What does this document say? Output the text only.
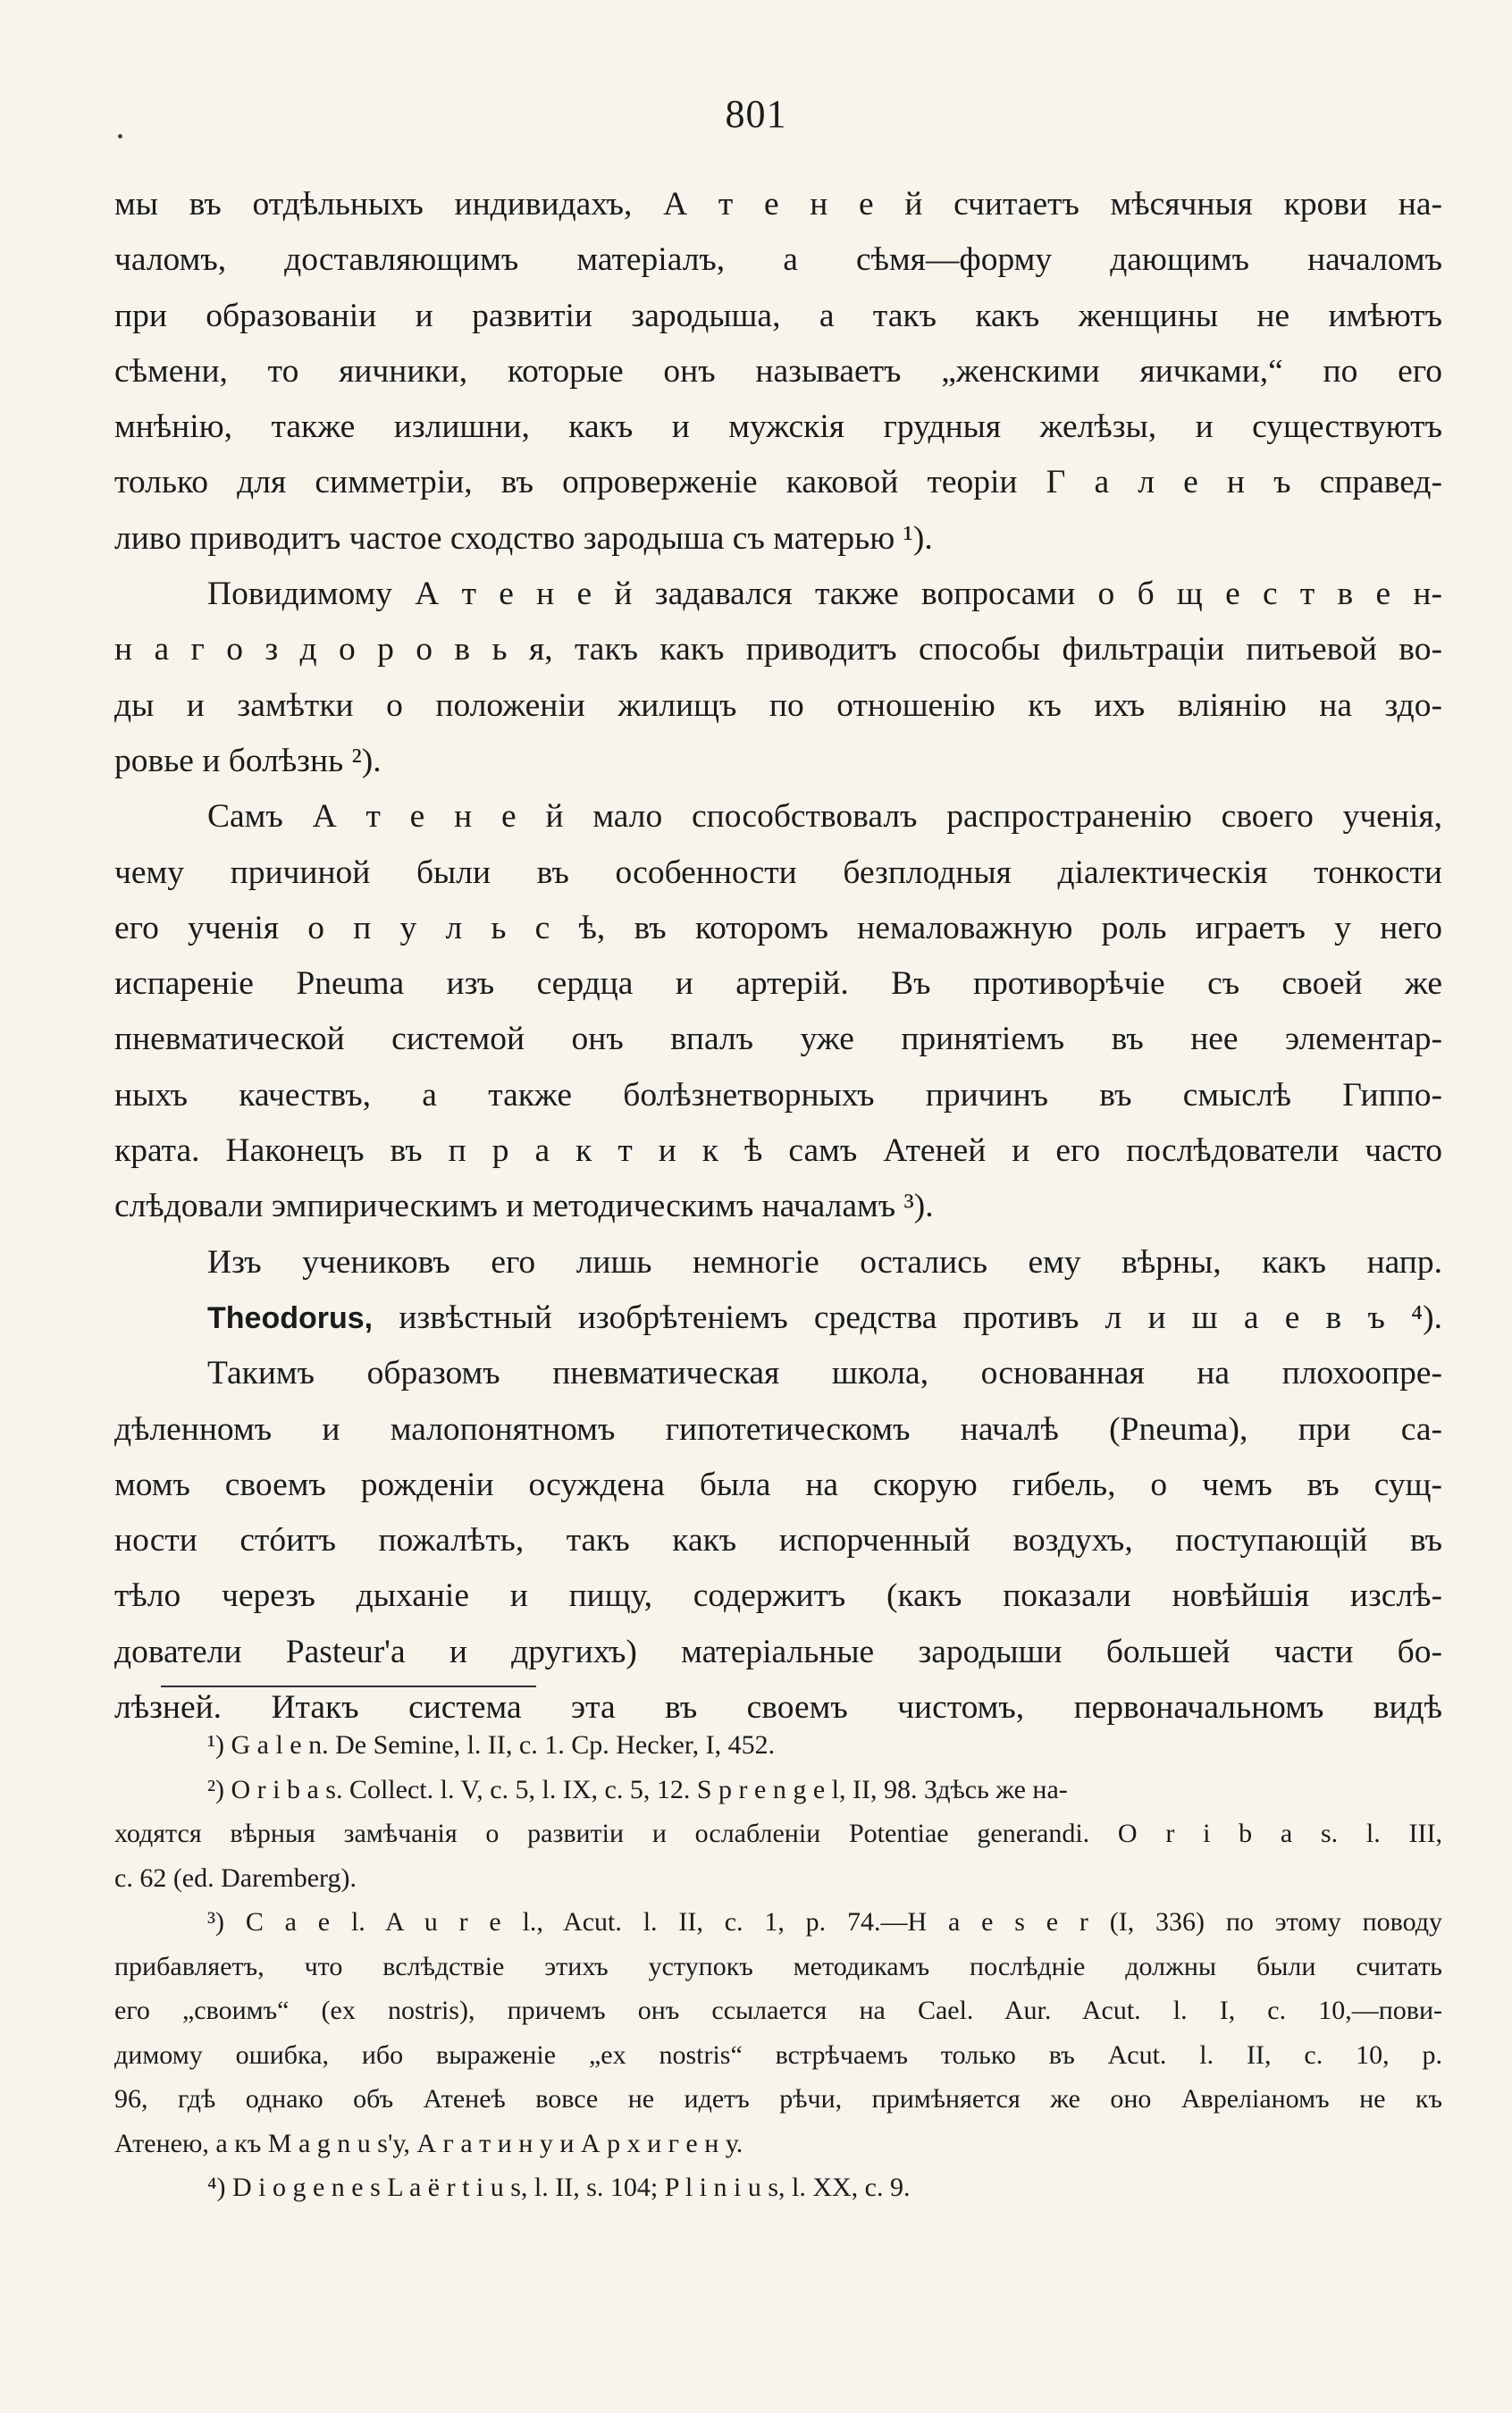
801

мы въ отдѣльныхъ индивидахъ, А т е н е й считаетъ мѣсячныя крови на-

чаломъ, доставляющимъ матеріалъ, а сѣмя—форму дающимъ началомъ

при образованіи и развитіи зародыша, а такъ какъ женщины не имѣютъ

сѣмени, то яичники, которые онъ называетъ „женскими яичками,“ по его

мнѣнію, также излишни, какъ и мужскія грудныя желѣзы, и существуютъ

только для симметріи, въ опроверженіе каковой теоріи Г а л е н ъ справед-

ливо приводитъ частое сходство зародыша съ матерью ¹).

Повидимому А т е н е й задавался также вопросами о б щ е с т в е н-

н а г о з д о р о в ь я, такъ какъ приводитъ способы фильтраціи питьевой во-

ды и замѣтки о положеніи жилищъ по отношенію къ ихъ вліянію на здо-

ровье и болѣзнь ²).

Самъ А т е н е й мало способствовалъ распространенію своего ученія,

чему причиной были въ особенности безплодныя діалектическія тонкости

его ученія о п у л ь с ѣ, въ которомъ немаловажную роль играетъ у него

испареніе Pneuma изъ сердца и артерій. Въ противорѣчіе съ своей же

пневматической системой онъ впалъ уже принятіемъ въ нее элементар-

ныхъ качествъ, а также болѣзнетворныхъ причинъ въ смыслѣ Гиппо-

крата. Наконецъ въ п р а к т и к ѣ самъ Атеней и его послѣдователи часто

слѣдовали эмпирическимъ и методическимъ началамъ ³).

Изъ учениковъ его лишь немногіе остались ему вѣрны, какъ напр.

Theodorus, извѣстный изобрѣтеніемъ средства противъ л и ш а е в ъ ⁴).

Такимъ образомъ пневматическая школа, основанная на плохоопре-

дѣленномъ и малопонятномъ гипотетическомъ началѣ (Pneuma), при са-

момъ своемъ рожденіи осуждена была на скорую гибель, о чемъ въ сущ-

ности стóитъ пожалѣть, такъ какъ испорченный воздухъ, поступающій въ

тѣло черезъ дыханіе и пищу, содержитъ (какъ показали новѣйшія изслѣ-

дователи Pasteur'a и другихъ) матеріальные зародыши большей части бо-

лѣзней. Итакъ система эта въ своемъ чистомъ, первоначальномъ видѣ

¹) G a l e n. De Semine, l. II, c. 1. Cp. Hecker, I, 452.

²) O r i b a s. Collect. l. V, c. 5, l. IX, c. 5, 12. S p r e n g e l, II, 98. Здѣсь же на-

ходятся вѣрныя замѣчанія о развитіи и ослабленіи Potentiae generandi. O r i b a s. l. III,

c. 62 (ed. Daremberg).

³) C a e l. A u r e l., Acut. l. II, c. 1, p. 74.—H a e s e r (I, 336) по этому поводу

прибавляетъ, что вслѣдствіе этихъ уступокъ методикамъ послѣдніе должны были считать

его „своимъ“ (ex nostris), причемъ онъ ссылается на Cael. Aur. Acut. l. I, c. 10,—пови-

димому ошибка, ибо выраженіе „ex nostris“ встрѣчаемъ только въ Acut. l. II, c. 10, p.

96, гдѣ однако объ Атенеѣ вовсе не идетъ рѣчи, примѣняется же оно Авреліаномъ не къ

Атенею, а къ M a g n u s'у, А г а т и н у и А р х и г е н у.

⁴) D i o g e n e s L a ë r t i u s, l. II, s. 104; P l i n i u s, l. XX, c. 9.
